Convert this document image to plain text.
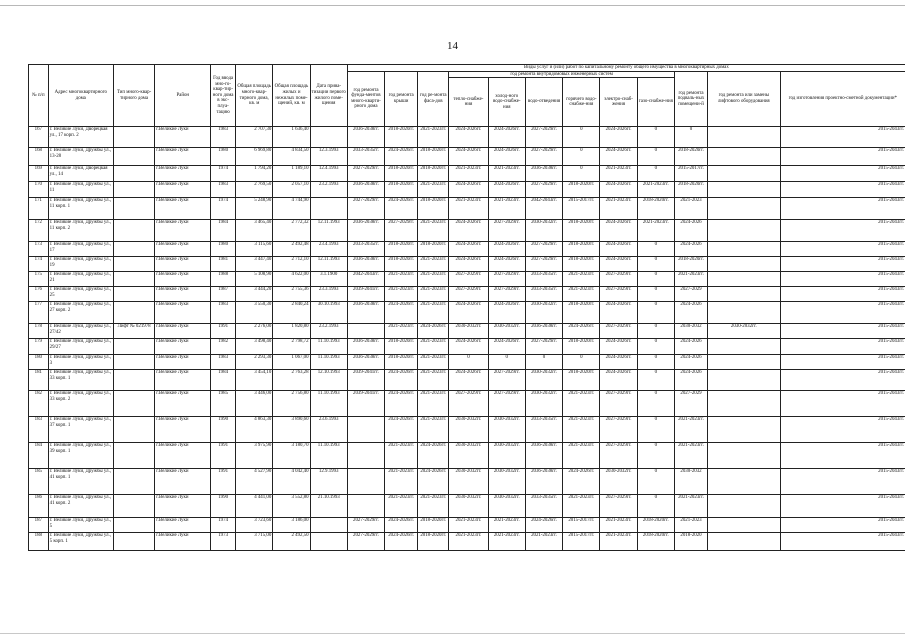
14
№ п/п	Адрес многоквартирного дома	Тип много-квар-тирного дома	Район	Год ввода мно-го-квар-тир-ного дома в экс-плуа-тацию	Общая площадь много-квар-тирного дома, кв. м	Общая площадь жилых и нежилых поме-щений, кв. м	Дата прива-тизации первого жилого поме-щения	Виды услуг и (или) работ по капитальному ремонту общего имущества в многоквартирных домах											
								год ремонта фунда-ментов много-кварти-рного дома	год ремонта крыши	год ре-монта фаса-дов	год ремонта внутридомовых инженерных систем						год ремонта подваль-ных помещени-й	год ремонта или замены лифтового оборудования	год изготовления проектно-сметной документации*
											тепло-снабже-ния	холод-ного водо-снабже-ния	водо-отведения	горячего водо-снабже-ния	электро-снаб-жения	газо-снабже-ния			
167	г. Великие Луки, Дворецкая ул., 17 корп. 2		г.Великие Луки	1983	2 707,30	1 636,40		2036-2038гг.	2018-2020гг.	2021-2023гг.	2024-2026гг.	2024-2026гг.	2027-2029гг.	0	2024-2026гг.	0	0		2015-2043гг.
168	г. Великие Луки, Дружбы ул., 13-28		г.Великие Луки	1980	6 969,80	4 834,50	12.3.1993	2033-2035гг.	2024-2026гг.	2018-2020гг.	2024-2026гг.	2024-2026гг.	2027-2029гг.	0	2024-2026гг.	0	2018-2020гг.		2015-2043гг.
169	г. Великие Луки, Дворецкая ул., 14		г.Великие Луки	1974	1 794,20	1 189,10	12.4.1993	2027-2029гг.	2018-2020гг.	2018-2020гг.	2021-2023гг.	2021-2023гг.	2036-2038гг.	0	2021-2023гг.	0	2015-2017гг.		2015-2043гг.
170	г. Великие Луки, Дружбы ул., 11		г.Великие Луки	1983	2 769,50	2 057,10	23.2.1993	2036-2038гг.	2018-2020гг.	2021-2023гг.	2024-2026гг.	2024-2026гг.	2027-2029гг.	2018-2020гг.	2024-2026гг.	2021-2023гг.	2018-2020гг.		2015-2043гг.
171	г. Великие Луки, Дружбы ул., 11 корп. 1		г.Великие Луки	1974	5 248,90	4 744,90		2027-2029гг.	2024-2026гг.	2018-2020гг.	2021-2023гг.	2021-2023гг.	2042-2043гг.	2015-2017гг.	2021-2023гг.	2018-2020гг.	2021-2023		2015-2043гг.
172	г. Великие Луки, Дружбы ул., 11 корп. 2		г.Великие Луки	1984	3 465,40	2 772,32	12.11.1993	2036-2038гг.	2027-2029гг.	2021-2023гг.	2024-2026гг.	2027-2029гг.	2030-2032гг.	2018-2020гг.	2024-2026гг.	2021-2023гг.	2024-2026		2015-2043гг.
173	г. Великие Луки, Дружбы ул., 17		г.Великие Луки	1980	3 115,60	2 492,48	23.4.1993	2033-2035гг.	2018-2020гг.	2018-2020гг.	2024-2026гг.	2024-2026гг.	2027-2029гг.	2018-2020гг.	2024-2026гг.	0	2024-2026		2015-2043гг.
174	г. Великие Луки, Дружбы ул., 19		г.Великие Луки	1981	3 447,40	2 712,10	12.11.1993	2036-2038гг.	2018-2020гг.	2021-2023гг.	2024-2026гг.	2024-2026гг.	2027-2029гг.	2018-2020гг.	2024-2026гг.	0	2018-2020гг.		2015-2043гг.
175	г. Великие Луки, Дружбы ул., 21		г.Великие Луки	1988	5 108,90	4 622,00	3.1.1900	2042-2043гг.	2021-2023гг.	2021-2023гг.	2027-2029гг.	2027-2029гг.	2033-2035гг.	2021-2023гг.	2027-2029гг.	0	2021-2023гг.		2015-2043гг.
176	г. Великие Луки, Дружбы ул., 25		г.Великие Луки	1987	3 444,20	2 755,36	23.3.1993	2039-2041гг.	2021-2023гг.	2021-2023гг.	2027-2029гг.	2027-2029гг.	2033-2035гг.	2021-2023гг.	2027-2029гг.	0	2027-2029		2015-2043гг.
177	г. Великие Луки, Дружбы ул., 27 корп. 2		г.Великие Луки	1983	3 550,30	2 840,24	30.10.1993	2036-2038гг.	2024-2026гг.	2021-2023гг.	2024-2026гг.	2024-2026гг.	2030-2032гг.	2018-2020гг.	2024-2026гг.	0	2024-2026		2015-2043гг.
178	г. Великие Луки, Дружбы ул., 27/42	Лифт № 021978	г.Великие Луки	1991	2 276,00	1 820,80	23.2.1993		2021-2023гг.	2024-2026гг.	2030-2032гг.	2030-2032гг.	2036-2038гг.	2024-2026гг.	2027-2029гг.	0	2030-2032	2030-2032гг.	2015-2043гг.
179	г. Великие Луки, Дружбы ул., 29/27		г.Великие Луки	1982	3 498,40	2 798,72	11.10.1993	2036-2038гг.	2018-2020гг.	2021-2023гг.	2024-2026гг.	2024-2026гг.	2027-2029гг.	2018-2020гг.	2024-2026гг.	0	2024-2026		2015-2043гг.
180	г. Великие Луки, Дружбы ул., 3		г.Великие Луки	1983	2 293,30	1 067,00	11.10.1993	2036-2038гг.	2018-2020гг.	2021-2023гг.	0	0	0	0	2024-2026гг.	0	2024-2026		2015-2043гг.
181	г. Великие Луки, Дружбы ул., 33 корп. 1		г.Великие Луки	1984	3 454,10	2 763,28	12.10.1993	2039-2041гг.	2024-2026гг.	2021-2023гг.	2024-2026гг.	2027-2029гг.	2030-2032гг.	2018-2020гг.	2024-2026гг.	0	2024-2026		2015-2043гг.
182	г. Великие Луки, Дружбы ул., 33 корп. 2		г.Великие Луки	1985	3 446,00	2 756,80	11.10.1993	2039-2041гг.	2024-2026гг.	2021-2023гг.	2027-2029гг.	2027-2029гг.	2030-2032гг.	2021-2023гг.	2027-2029гг.	0	2027-2029		2015-2043гг.
183	г. Великие Луки, Дружбы ул., 37 корп. 1		г.Великие Луки	1990	4 863,30	3 890,60	23.6.1993		2024-2026гг.	2021-2023гг.	2030-2032гг.	2030-2032гг.	2033-2035гг.	2021-2023гг.	2027-2029гг.	0	2021-2023гг.		2015-2043гг.
184	г. Великие Луки, Дружбы ул., 39 корп. 1		г.Великие Луки	1991	3 975,90	3 180,70	11.10.1993		2021-2023гг.	2024-2026гг.	2030-2032гг.	2030-2032гг.	2036-2038гг.	2021-2023гг.	2027-2029гг.	0	2021-2023гг.		2015-2043гг.
185	г. Великие Луки, Дружбы ул., 41 корп. 1		г.Великие Луки	1991	4 527,90	4 042,40	12.9.1993		2021-2023гг.	2024-2026гг.	2030-2032гг.	2030-2032гг.	2036-2038гг.	2024-2026гг.	2030-2032гг.	0	2030-2032		2015-2043гг.
186	г. Великие Луки, Дружбы ул., 41 корп. 2		г.Великие Луки	1990	4 441,00	3 552,80	21.10.1993		2021-2023гг.	2021-2023гг.	2030-2032гг.	2030-2032гг.	2033-2035гг.	2021-2023гг.	2027-2029гг.	0	2021-2023гг.		2015-2043гг.
187	г. Великие Луки, Дружбы ул., 5		г.Великие Луки	1974	3 723,60	3 186,00		2027-2029гг.	2024-2026гг.	2018-2020гг.	2021-2023гг.	2021-2023гг.	2024-2026гг.	2015-2017гг.	2021-2023гг.	2018-2020гг.	2021-2023		2015-2043гг.
188	г. Великие Луки, Дружбы ул., 5 корп. 1		г.Великие Луки	1973	3 715,00	2 492,50		2027-2029гг.	2024-2026гг.	2018-2020гг.	2021-2023гг.	2021-2023гг.	2021-2023гг.	2015-2017гг.	2021-2023гг.	2018-2020гг.	2018-2020		2015-2043гг.
